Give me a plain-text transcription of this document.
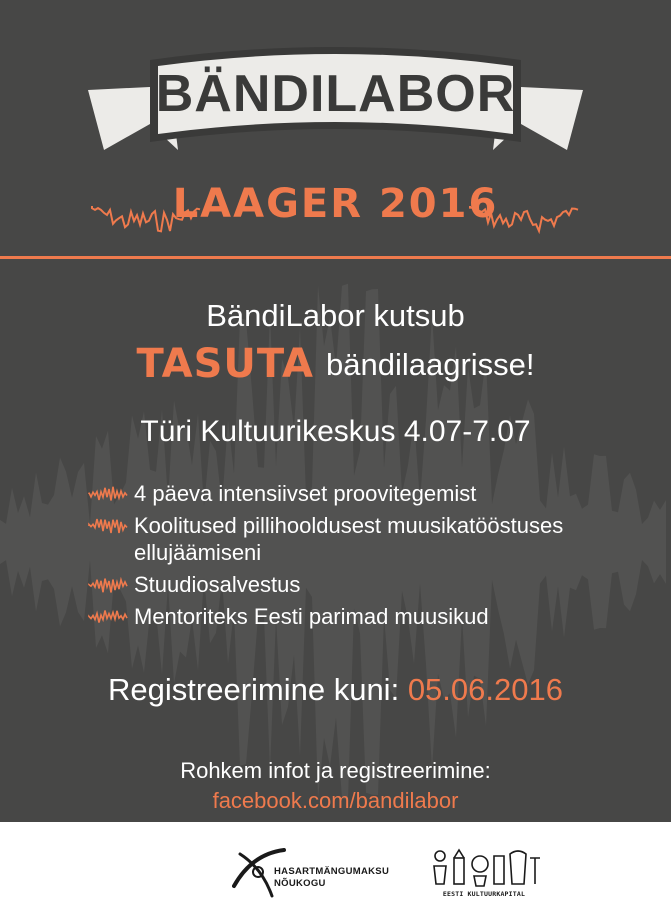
BÄNDILABOR
LAAGER 2016
BändiLabor kutsub
TASUTA bändilaagrisse!
Türi Kultuurikeskus 4.07-7.07
4 päeva intensiivset proovitegemist
Koolitused pillihooldusest muusikatööstuses ellujäämiseni
Stuudiosalvestus
Mentoriteks Eesti parimad muusikud
Registreerimine kuni: 05.06.2016
Rohkem infot ja registreerimine:
facebook.com/bandilabor
HASARTMÄNGUMAKSU
NÕUKOGU
EESTI KULTUURKAPITAL
